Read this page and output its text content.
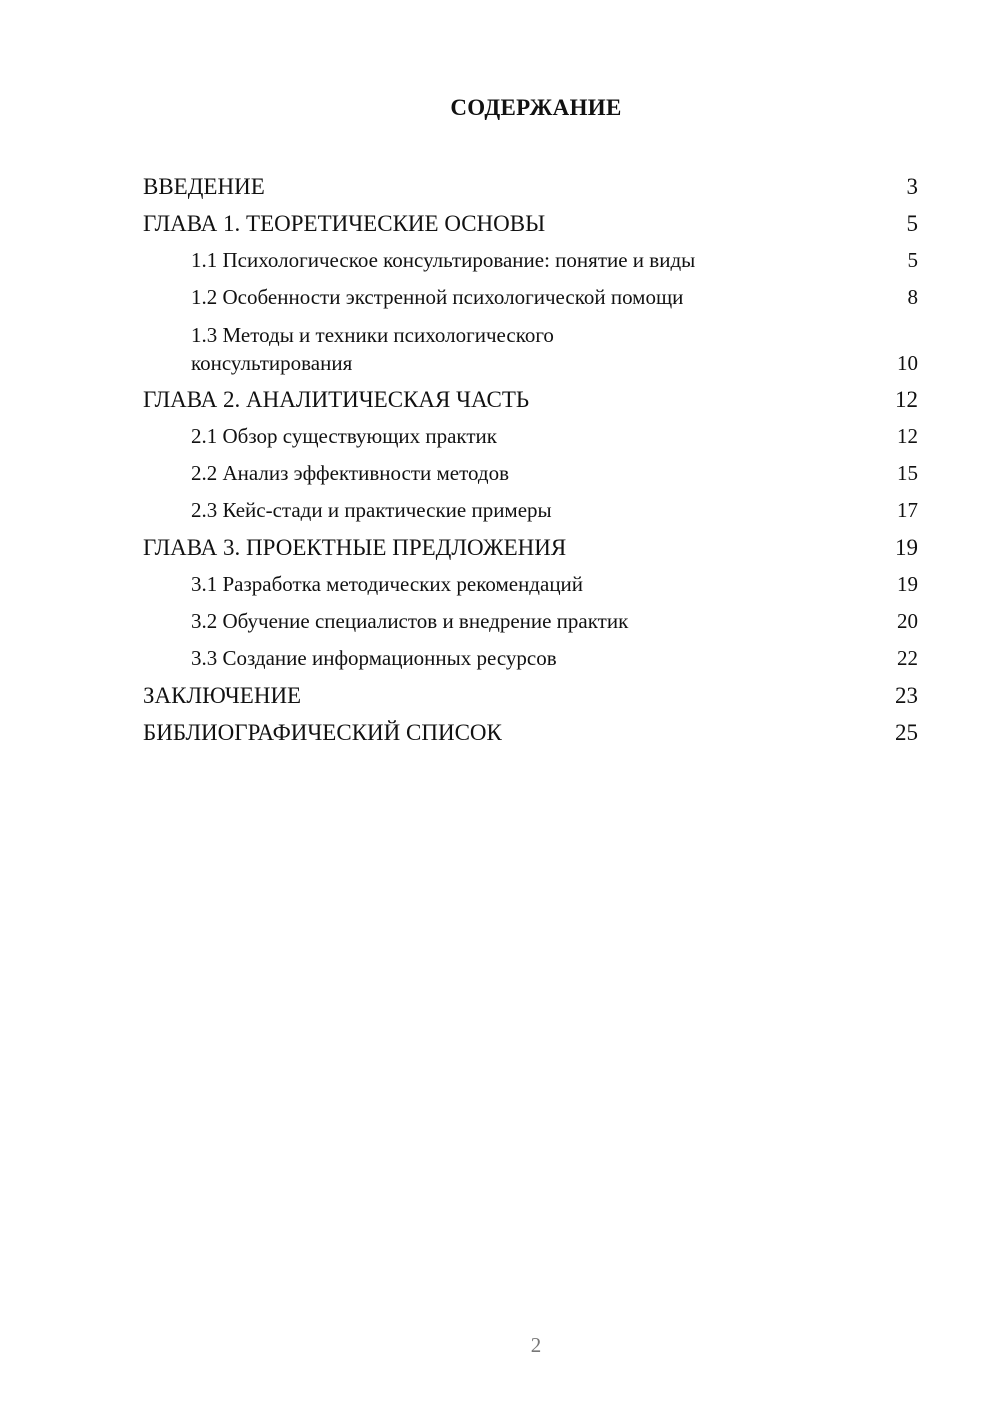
СОДЕРЖАНИЕ
ВВЕДЕНИЕ	3
ГЛАВА 1. ТЕОРЕТИЧЕСКИЕ ОСНОВЫ	5
1.1 Психологическое консультирование: понятие и виды	5
1.2 Особенности экстренной психологической помощи	8
1.3 Методы и техники психологического консультирования	10
ГЛАВА 2. АНАЛИТИЧЕСКАЯ ЧАСТЬ	12
2.1 Обзор существующих практик	12
2.2 Анализ эффективности методов	15
2.3 Кейс-стади и практические примеры	17
ГЛАВА 3. ПРОЕКТНЫЕ ПРЕДЛОЖЕНИЯ	19
3.1 Разработка методических рекомендаций	19
3.2 Обучение специалистов и внедрение практик	20
3.3 Создание информационных ресурсов	22
ЗАКЛЮЧЕНИЕ	23
БИБЛИОГРАФИЧЕСКИЙ СПИСОК	25
2
